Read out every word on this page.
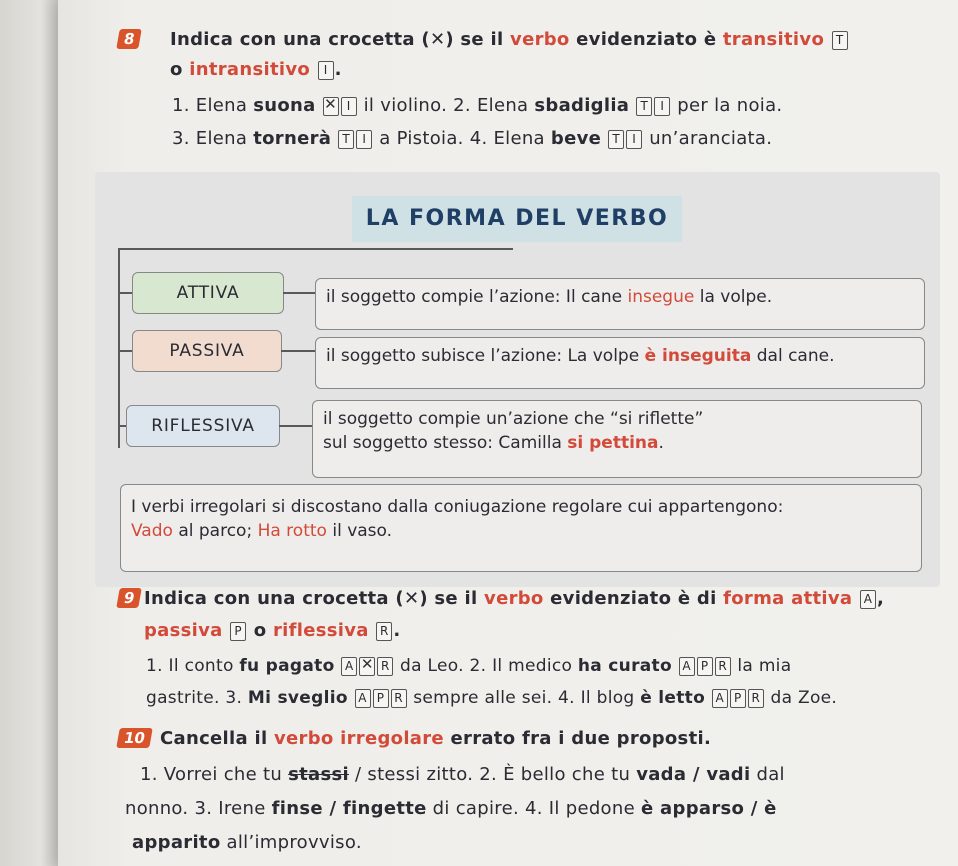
8	Indica con una crocetta (✕) se il verbo evidenziato è transitivo T
o intransitivo I .
1. Elena suona ✕	I il violino. 2. Elena sbadiglia T I per la noia.
3. Elena tornerà T I a Pistoia. 4. Elena beve T I un’aranciata.
LA FORMA DEL VERBO
ATTIVA	il soggetto compie l’azione: Il cane insegue la volpe.
PASSIVA	il soggetto subisce l’azione: La volpe è inseguita dal cane.
RIFLESSIVA	il soggetto compie un’azione che “si riflette”
sul soggetto stesso: Camilla si pettina.
I verbi irregolari si discostano dalla coniugazione regolare cui appartengono:
Vado al parco; Ha rotto il vaso.
9 Indica con una crocetta (✕) se il verbo evidenziato è di forma attiva A ,
passiva P o riflessiva R .
1. Il conto fu pagato A ✕ R da Leo. 2. Il medico ha curato A P R la mia
gastrite. 3. Mi sveglio A P R sempre alle sei. 4. Il blog è letto A P R da Zoe.
10 Cancella il verbo irregolare errato fra i due proposti.
1. Vorrei che tu stassi / stessi zitto. 2. È bello che tu vada / vadi dal
nonno. 3. Irene finse / fingette di capire. 4. Il pedone è apparso / è
apparito all’improvviso.
